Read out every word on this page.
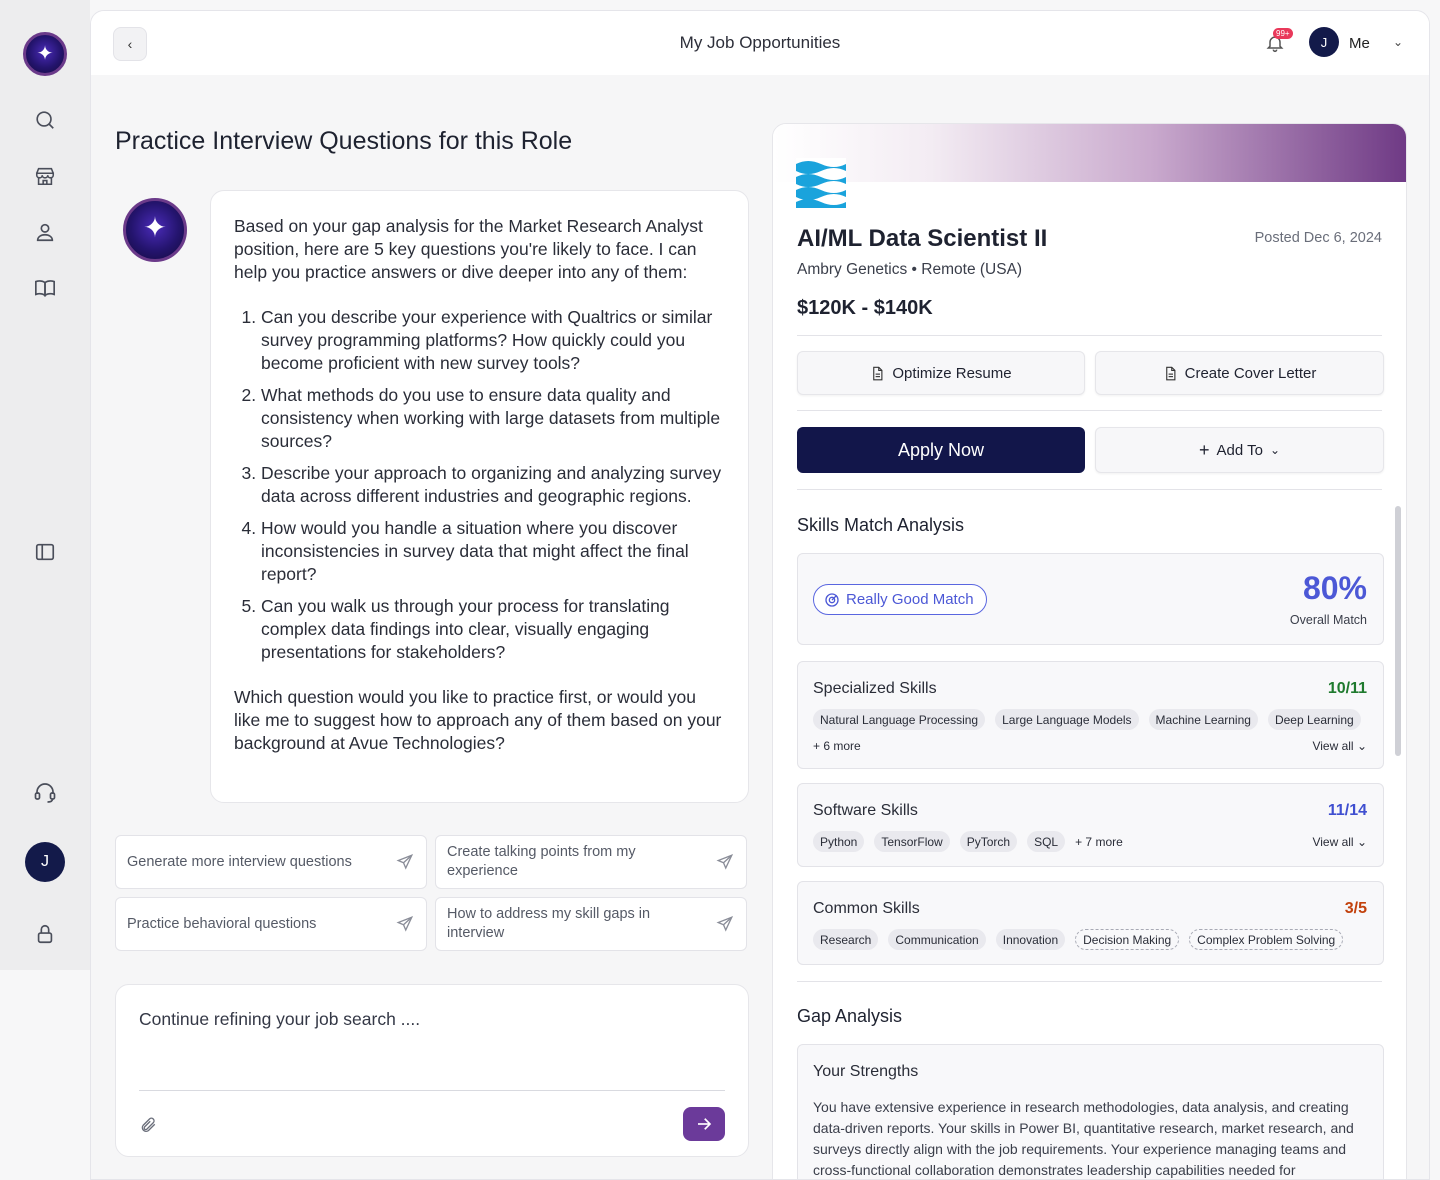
✦
J
‹	My Job Opportunities	99+
J	Me ⌄
Practice Interview Questions for this Role
✦

Based on your gap analysis for the Market Research Analyst position, here are 5 key questions you're likely to face. I can help you practice answers or dive deeper into any of them:

1. Can you describe your experience with Qualtrics or similar survey programming platforms? How quickly could you become proficient with new survey tools?
2. What methods do you use to ensure data quality and consistency when working with large datasets from multiple sources?
3. Describe your approach to organizing and analyzing survey data across different industries and geographic regions.
4. How would you handle a situation where you discover inconsistencies in survey data that might affect the final report?
5. Can you walk us through your process for translating complex data findings into clear, visually engaging presentations for stakeholders?

Which question would you like to practice first, or would you like me to suggest how to approach any of them based on your background at Avue Technologies?

Generate more interview questions
Create talking points from my experience
Practice behavioral questions
How to address my skill gaps in interview
Continue refining your job search ....
AI/ML Data Scientist II	Posted Dec 6, 2024
Ambry Genetics • Remote (USA)
$120K - $140K
Optimize Resume	Create Cover Letter
Apply Now	+ Add To ⌄
Skills Match Analysis
Really Good Match	80%
Overall Match
Specialized Skills	10/11
Natural Language Processing	Large Language Models	Machine Learning	Deep Learning
+ 6 more	View all ⌄
Software Skills	11/14
Python	TensorFlow	PyTorch	SQL	+ 7 more	View all ⌄
Common Skills	3/5
Research	Communication	Innovation	Decision Making	Complex Problem Solving
Gap Analysis
Your Strengths
You have extensive experience in research methodologies, data analysis, and creating data-driven reports. Your skills in Power BI, quantitative research, market research, and surveys directly align with the job requirements. Your experience managing teams and cross-functional collaboration demonstrates leadership capabilities needed for
